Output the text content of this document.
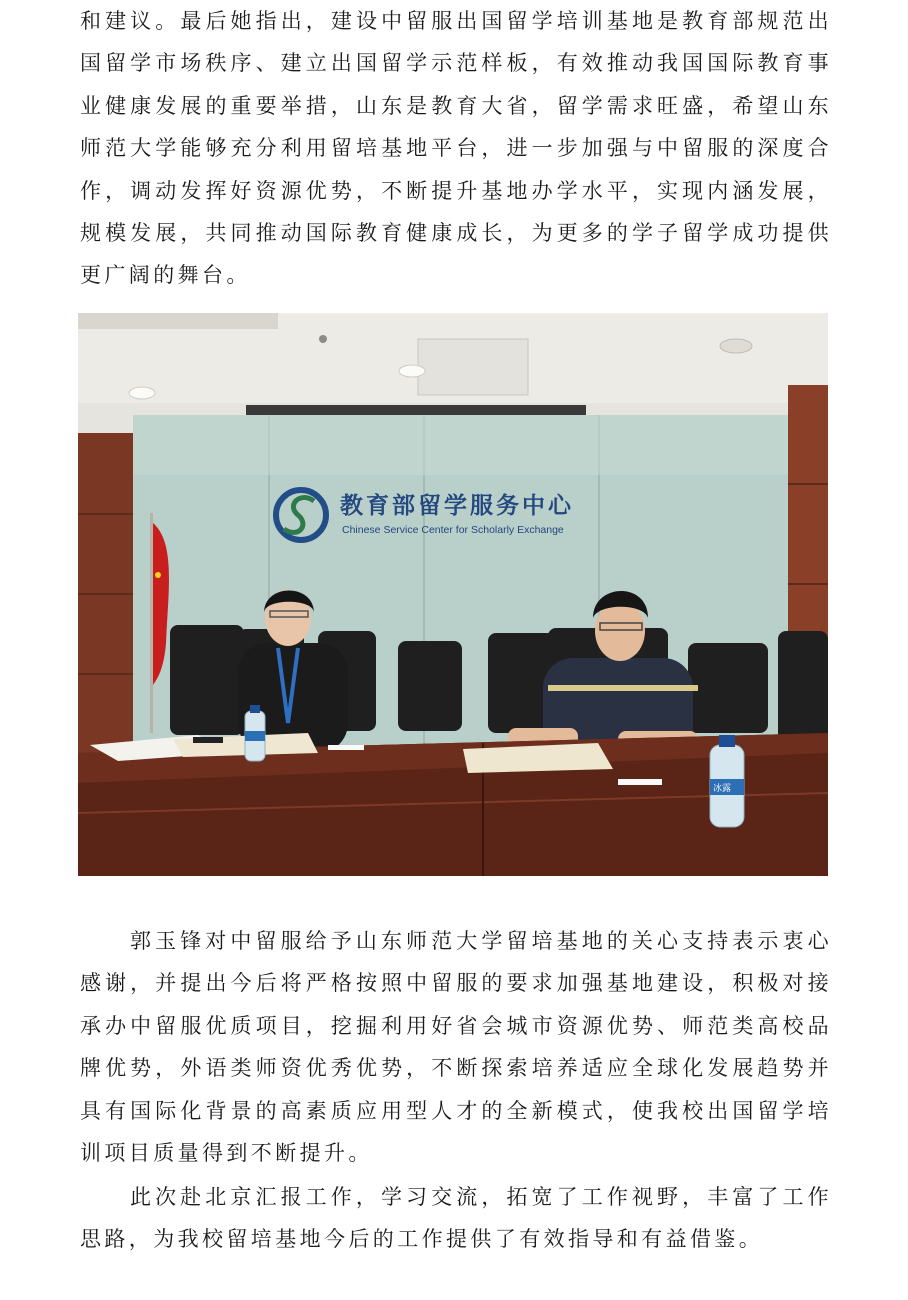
和建议。最后她指出，建设中留服出国留学培训基地是教育部规范出国留学市场秩序、建立出国留学示范样板，有效推动我国国际教育事业健康发展的重要举措，山东是教育大省，留学需求旺盛，希望山东师范大学能够充分利用留培基地平台，进一步加强与中留服的深度合作，调动发挥好资源优势，不断提升基地办学水平，实现内涵发展，规模发展，共同推动国际教育健康成长，为更多的学子留学成功提供更广阔的舞台。

教育部留学服务中心
Chinese Service Center for Scholarly Exchange
冰露

郭玉锋对中留服给予山东师范大学留培基地的关心支持表示衷心感谢，并提出今后将严格按照中留服的要求加强基地建设，积极对接承办中留服优质项目，挖掘利用好省会城市资源优势、师范类高校品牌优势，外语类师资优秀优势，不断探索培养适应全球化发展趋势并具有国际化背景的高素质应用型人才的全新模式，使我校出国留学培训项目质量得到不断提升。

此次赴北京汇报工作，学习交流，拓宽了工作视野，丰富了工作思路，为我校留培基地今后的工作提供了有效指导和有益借鉴。
